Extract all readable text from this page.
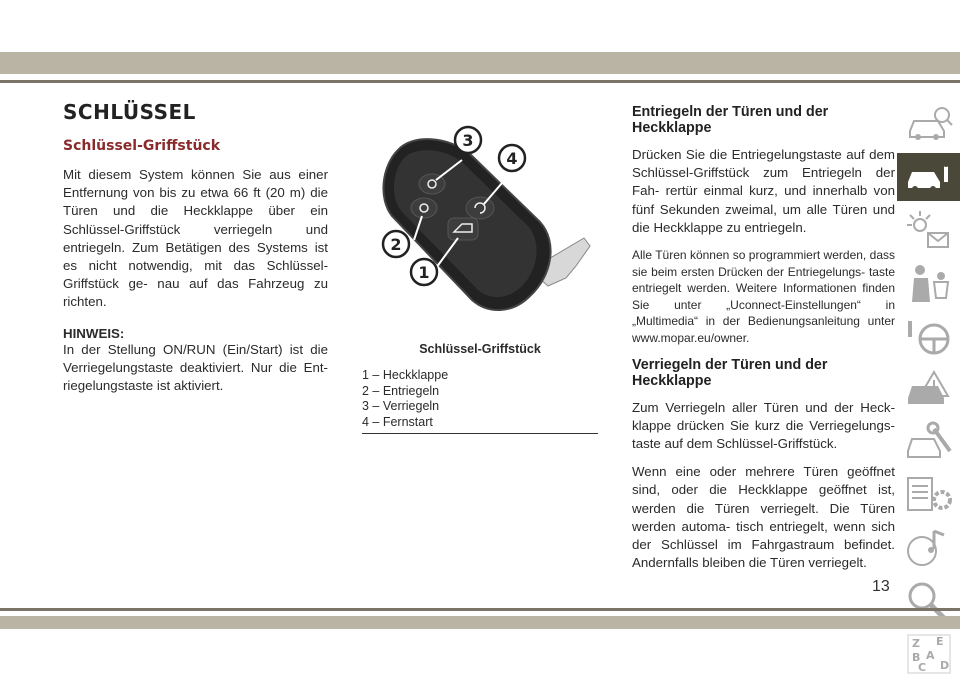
SCHLÜSSEL
Schlüssel-Griffstück

Mit diesem System können Sie aus einer Entfernung von bis zu etwa 66 ft (20 m) die Türen und die Heckklappe über ein Schlüssel-Griffstück verriegeln und entriegeln. Zum Betätigen des Systems ist es nicht notwendig, mit das Schlüssel-Griffstück ge- nau auf das Fahrzeug zu richten.

HINWEIS:

In der Stellung ON/RUN (Ein/Start) ist die Verriegelungstaste deaktiviert. Nur die Ent- riegelungstaste ist aktiviert.

3
4
2
1
Schlüssel-Griffstück
1 – Heckklappe
2 – Entriegeln
3 – Verriegeln
4 – Fernstart
Entriegeln der Türen und der Heckklappe

Drücken Sie die Entriegelungstaste auf dem Schlüssel-Griffstück zum Entriegeln der Fah- rertür einmal kurz, und innerhalb von fünf Sekunden zweimal, um alle Türen und die Heckklappe zu entriegeln.

Alle Türen können so programmiert werden, dass sie beim ersten Drücken der Entriegelungs- taste entriegelt werden. Weitere Informationen finden Sie unter „Uconnect-Einstellungen“ in „Multimedia“ in der Bedienungsanleitung unter www.mopar.eu/owner.

Verriegeln der Türen und der Heckklappe

Zum Verriegeln aller Türen und der Heck- klappe drücken Sie kurz die Verriegelungs- taste auf dem Schlüssel-Griffstück.

Wenn eine oder mehrere Türen geöffnet sind, oder die Heckklappe geöffnet ist, werden die Türen verriegelt. Die Türen werden automa- tisch entriegelt, wenn sich der Schlüssel im Fahrgastraum befindet. Andernfalls bleiben die Türen verriegelt.

Z E
A
B
D
C
13
